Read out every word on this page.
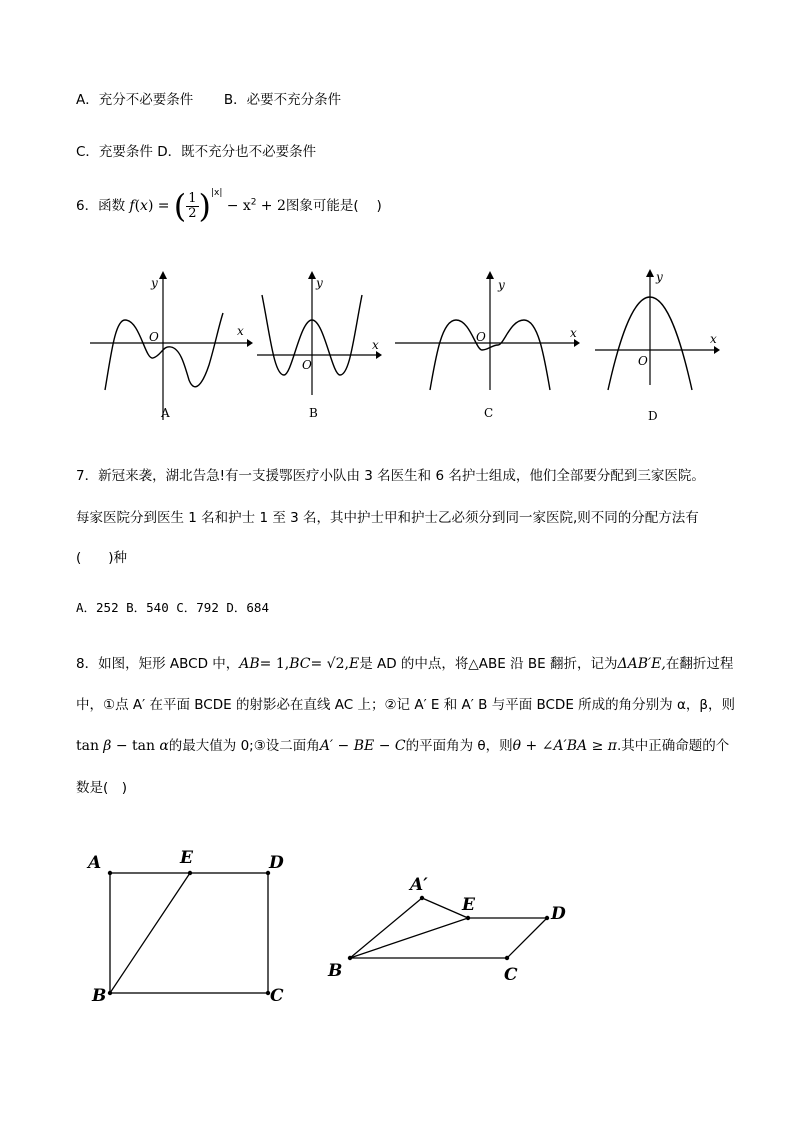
A．充分不必要条件 B．必要不充分条件
C．充要条件 D．既不充分也不必要条件
6．函数 f(x) = ( $\frac{1}{2} )^{|x|} - x^2 + 2$图象可能是(　 )
y
x
O
A
y
x
O
B
y
x
O
C
y
x
O
D
7．新冠来袭，湖北告急!有一支援鄂医疗小队由 3 名医生和 6 名护士组成，他们全部要分配到三家医院。
每家医院分到医生 1 名和护士 1 至 3 名，其中护士甲和护士乙必须分到同一家医院,则不同的分配方法有
(　　)种
A．252 B．540 C．792 D．684
8．如图，矩形 ABCD 中，AB= 1,BC= √2,E是 AD 的中点，将△ABE 沿 BE 翻折，记为ΔAB′E,在翻折过程
中，①点 A′ 在平面 BCDE 的射影必在直线 AC 上；②记 A′ E 和 A′ B 与平面 BCDE 所成的角分别为 α，β，则
tan β − tan α的最大值为 0;③设二面角A′ − BE − C的平面角为 θ，则θ + ∠A′BA ≥ π.其中正确命题的个
数是(　)
A	E	D
B	C
A′
E	D
B	C
